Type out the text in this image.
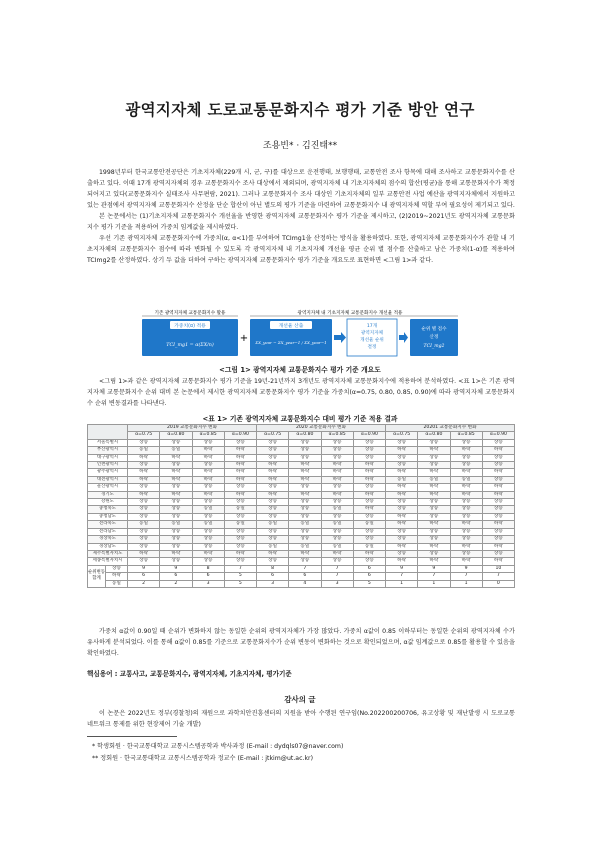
광역지자체 도로교통문화지수 평가 기준 방안 연구
조용빈* · 김진태**

1998년부터 한국교통안전공단은 기초지자체(229개 시, 군, 구)를 대상으로 운전행태, 보행행태, 교통안전 조사 항목에 대해 조사하고 교통문화지수를 산출하고 있다. 이때 17개 광역지자체의 경우 교통문화지수 조사 대상에서 제외되며, 광역지자체 내 기초지자체의 점수의 합산(평균)을 통해 교통문화지수가 책정되어지고 있다(교통문화지수 실태조사 사무편람, 2021). 그러나 교통문화지수 조사 대상인 기초지자체의 일부 교통안전 사업 예산을 광역지자체에서 지원하고 있는 관점에서 광역지자체 교통문화지수 산정을 단순 합산이 아닌 별도의 평가 기준을 마련하여 교통문화지수 내 광역지자체 역할 부여 필요성이 제기되고 있다.

본 논문에서는 (1)기초지자체 교통문화지수 개선율을 반영한 광역지자체 교통문화지수 평가 기준을 제시하고, (2)2019~2021년도 광역지자체 교통문화지수 평가 기준을 적용하여 가중치 임계값을 제시하였다.

우선 기존 광역지자체 교통문화지수에 가중치(α, α<1)를 부여하여 TCImg1을 산정하는 방식을 활용하였다. 또한, 광역지자체 교통문화지수가 관할 내 기초지자체의 교통문화지수 점수에 따라 변화될 수 있도록 각 광역지자체 내 기초지자체 개선율 평균 순위 별 점수를 산출하고 남은 가중치(1-α)를 적용하여 TCImg2를 산정하였다. 상기 두 값을 더하여 구하는 광역지자체 교통문화지수 평가 기준을 개요도로 표현하면 <그림 1>과 같다.

기존 광역지자체 교통문화지수 활용	광역지자체 내 기초지자체 교통문화지수 개선율 적용
가중치(α) 적용
TCI_mg1 = α(ΣX/n)
+
개선율 산출
ΣX_year − ΣX_year−1 / ΣX_year−1
17개
광역지자체
개선율 순위
결정
순위 별 점수
산정
TCI_mg2
<그림 1> 광역지자체 교통문화지수 평가 기준 개요도

<그림 1>과 같은 광역지자체 교통문화지수 평가 기준을 19년-21년까지 3개년도 광역지자체 교통문화지수에 적용하여 분석하였다. <표 1>은 기존 광역지자체 교통문화지수 순위 대비 본 논문에서 제시한 광역지자체 교통문화지수 평가 기준을 가중치(α=0.75, 0.80, 0.85, 0.90)에 따라 광역지자체 교통문화지수 순위 변동결과를 나타낸다.

<표 1> 기존 광역지자체 교통문화지수 대비 평가 기준 적용 결과
		2019 교통문화지수 변화				2020 교통문화지수 변화				20201 교통문화지수 변화			
		α=0.75	α=0.80	α=0.85	α=0.90	α=0.75	α=0.80	α=0.85	α=0.90	α=0.75	α=0.80	α=0.85	α=0.90
서울특별시		상승	상승	상승	상승	상승	상승	상승	상승	상승	상승	상승	상승
부산광역시		동일	동일	하락	하락	상승	상승	상승	상승	하락	하락	하락	하락
대구광역시		하락	하락	하락	하락	상승	상승	상승	상승	상승	상승	상승	상승
인천광역시		상승	상승	상승	하락	하락	하락	하락	하락	상승	상승	상승	상승
광주광역시		하락	하락	하락	하락	하락	하락	하락	하락	하락	하락	하락	하락
대전광역시		하락	하락	하락	하락	하락	하락	하락	하락	동일	동일	동일	상승
울산광역시		상승	상승	상승	상승	상승	상승	상승	상승	하락	하락	하락	하락
경기도		하락	하락	하락	하락	하락	하락	하락	하락	하락	하락	하락	하락
강원도		상승	상승	상승	상승	상승	상승	상승	상승	상승	상승	상승	상승
충청북도		상승	상승	동일	동일	상승	상승	동일	하락	상승	상승	상승	상승
충청남도		상승	상승	상승	상승	상승	상승	상승	상승	하락	상승	상승	상승
전라북도		동일	동일	동일	동일	동일	동일	동일	동일	하락	하락	하락	하락
전라남도		상승	상승	상승	상승	상승	상승	상승	상승	상승	상승	상승	상승
경상북도		상승	상승	상승	상승	상승	상승	상승	상승	상승	상승	상승	상승
경상남도		상승	상승	상승	상승	동일	동일	동일	동일	하락	하락	하락	하락
제주특별자치도		하락	하락	하락	하락	하락	하락	하락	하락	상승	상승	상승	상승
세종특별자치시		상승	상승	상승	상승	상승	상승	상승	상승	하락	하락	하락	하락
순위변동 합계	상승	9	9	8	7	8	7	7	6	9	9	9	10
	하락	6	6	6	5	6	6	7	6	7	7	7	7
	동일	2	2	3	5	3	4	3	5	1	1	1	0

가중치 α값이 0.90일 때 순위가 변화하지 않는 동일한 순위의 광역지자체가 가장 많았다. 가중치 α값이 0.85 이하부터는 동일한 순위의 광역지자체 수가 유사하게 분석되었다. 이를 통해 α값이 0.85를 기준으로 교통문화지수가 순위 변동이 변화하는 것으로 확인되었으며, α값 임계값으로 0.85를 활용할 수 있음을 확인하였다.

핵심용어 : 교통사고, 교통문화지수, 광역지자체, 기초지자체, 평가기준
감사의 글

이 논문은 2022년도 정부(경찰청)의 재원으로 과학치안진흥센터의 지원을 받아 수행된 연구임(No.202200200706, 유고상황 및 재난발생 시 도로교통 네트워크 통제를 위한 현장제어 기술 개발)

* 학생회원 · 한국교통대학교 교통시스템공학과 박사과정 (E-mail : dydqls07@naver.com)
** 정회원 · 한국교통대학교 교통시스템공학과 정교수 (E-mail : jtkim@ut.ac.kr)
